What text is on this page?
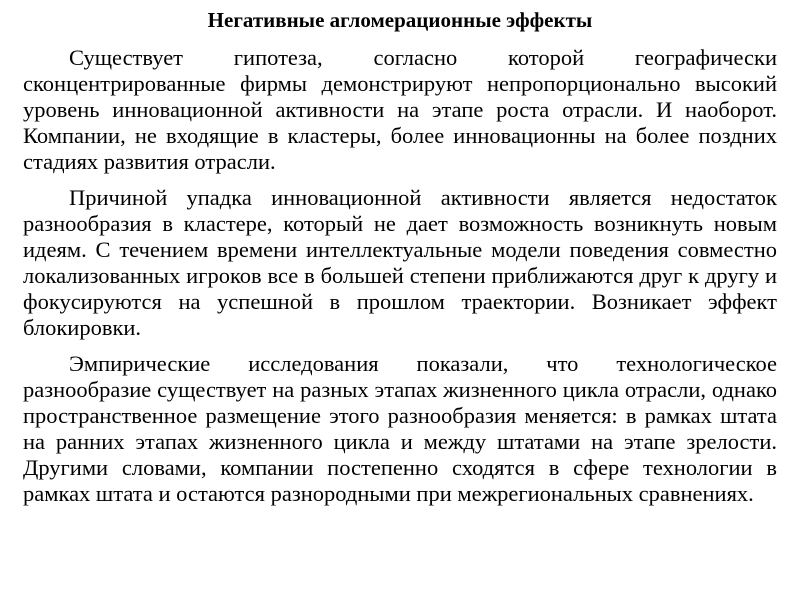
Негативные агломерационные эффекты

Существует гипотеза, согласно которой географически сконцентрированные фирмы демонстрируют непропорционально высокий уровень инновационной активности на этапе роста отрасли. И наоборот. Компании, не входящие в кластеры, более инновационны на более поздних стадиях развития отрасли.

Причиной упадка инновационной активности является недостаток разнообразия в кластере, который не дает возможность возникнуть новым идеям. С течением времени интеллектуальные модели поведения совместно локализованных игроков все в большей степени приближаются друг к другу и фокусируются на успешной в прошлом траектории. Возникает эффект блокировки.

Эмпирические исследования показали, что технологическое разнообразие существует на разных этапах жизненного цикла отрасли, однако пространственное размещение этого разнообразия меняется: в рамках штата на ранних этапах жизненного цикла и между штатами на этапе зрелости. Другими словами, компании постепенно сходятся в сфере технологии в рамках штата и остаются разнородными при межрегиональных сравнениях.
